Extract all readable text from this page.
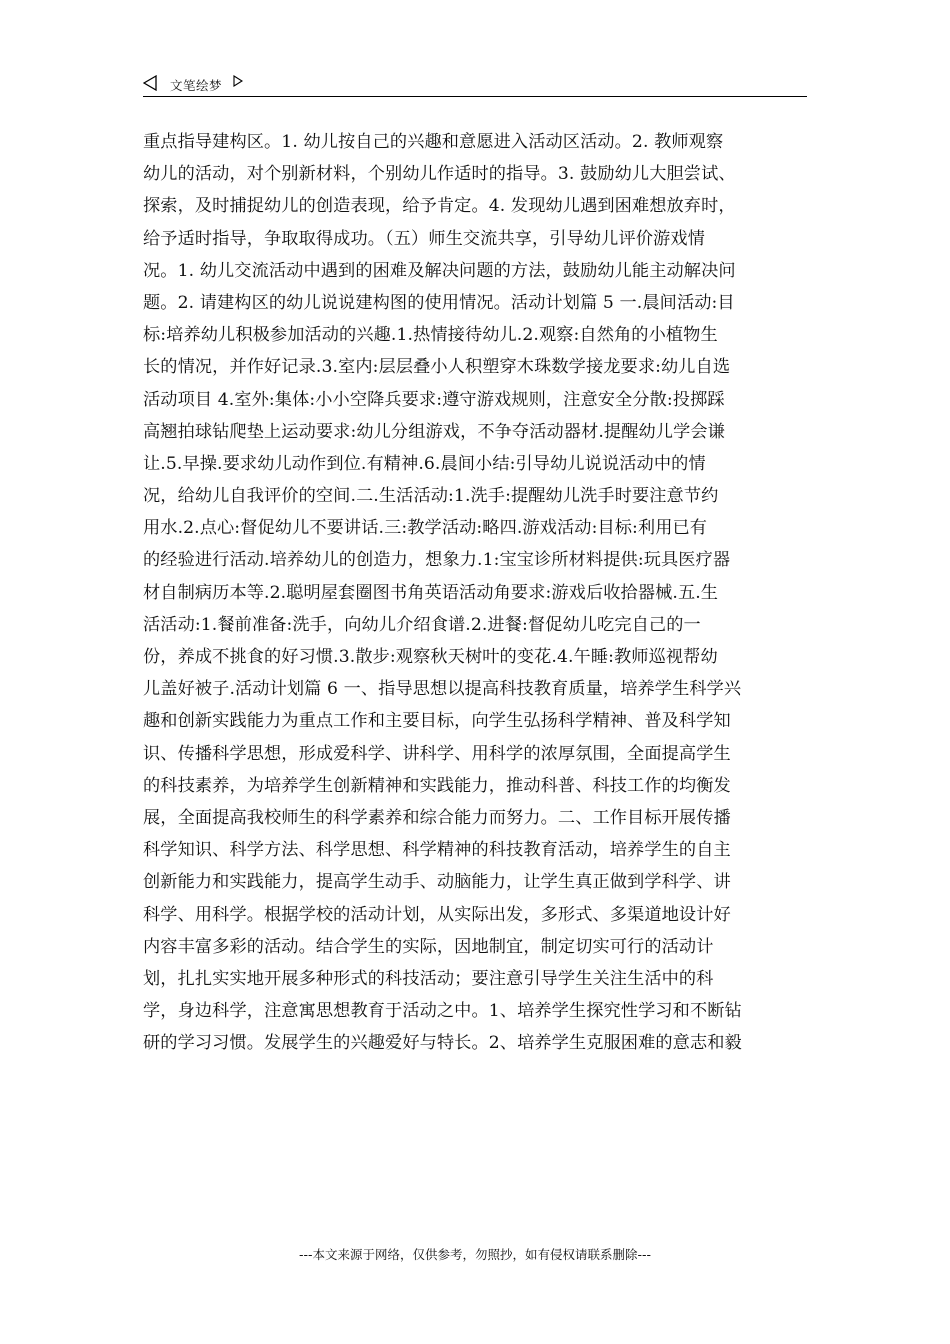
文笔绘梦
重点指导建构区。1. 幼儿按自己的兴趣和意愿进入活动区活动。2. 教师观察
幼儿的活动，对个别新材料，个别幼儿作适时的指导。3. 鼓励幼儿大胆尝试、
探索，及时捕捉幼儿的创造表现，给予肯定。4. 发现幼儿遇到困难想放弃时，
给予适时指导，争取取得成功。（五）师生交流共享，引导幼儿评价游戏情
况。1. 幼儿交流活动中遇到的困难及解决问题的方法，鼓励幼儿能主动解决问
题。2. 请建构区的幼儿说说建构图的使用情况。活动计划篇 5 一.晨间活动:目
标:培养幼儿积极参加活动的兴趣.1.热情接待幼儿.2.观察:自然角的小植物生
长的情况，并作好记录.3.室内:层层叠小人积塑穿木珠数学接龙要求:幼儿自选
活动项目 4.室外:集体:小小空降兵要求:遵守游戏规则，注意安全分散:投掷踩
高翘拍球钻爬垫上运动要求:幼儿分组游戏，不争夺活动器材.提醒幼儿学会谦
让.5.早操.要求幼儿动作到位.有精神.6.晨间小结:引导幼儿说说活动中的情
况，给幼儿自我评价的空间.二.生活活动:1.洗手:提醒幼儿洗手时要注意节约
用水.2.点心:督促幼儿不要讲话.三:教学活动:略四.游戏活动:目标:利用已有
的经验进行活动.培养幼儿的创造力，想象力.1:宝宝诊所材料提供:玩具医疗器
材自制病历本等.2.聪明屋套圈图书角英语活动角要求:游戏后收拾器械.五.生
活活动:1.餐前准备:洗手，向幼儿介绍食谱.2.进餐:督促幼儿吃完自己的一
份，养成不挑食的好习惯.3.散步:观察秋天树叶的变花.4.午睡:教师巡视帮幼
儿盖好被子.活动计划篇 6 一、指导思想以提高科技教育质量，培养学生科学兴
趣和创新实践能力为重点工作和主要目标，向学生弘扬科学精神、普及科学知
识、传播科学思想，形成爱科学、讲科学、用科学的浓厚氛围，全面提高学生
的科技素养，为培养学生创新精神和实践能力，推动科普、科技工作的均衡发
展，全面提高我校师生的科学素养和综合能力而努力。二、工作目标开展传播
科学知识、科学方法、科学思想、科学精神的科技教育活动，培养学生的自主
创新能力和实践能力，提高学生动手、动脑能力，让学生真正做到学科学、讲
科学、用科学。根据学校的活动计划，从实际出发，多形式、多渠道地设计好
内容丰富多彩的活动。结合学生的实际，因地制宜，制定切实可行的活动计
划，扎扎实实地开展多种形式的科技活动；要注意引导学生关注生活中的科
学，身边科学，注意寓思想教育于活动之中。1、培养学生探究性学习和不断钻
研的学习习惯。发展学生的兴趣爱好与特长。2、培养学生克服困难的意志和毅
---本文来源于网络，仅供参考，勿照抄，如有侵权请联系删除---
